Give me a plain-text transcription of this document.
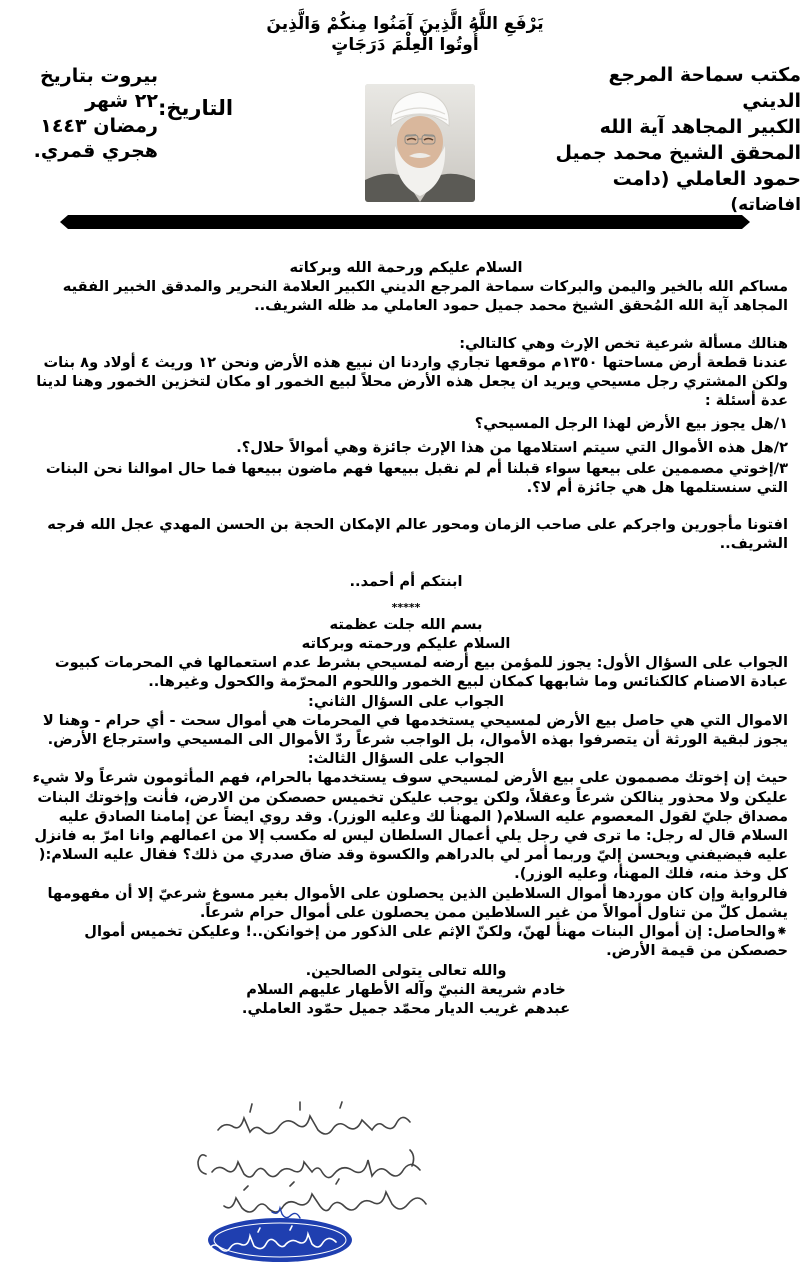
يَرْفَعِ اللَّهُ الَّذِينَ آمَنُوا مِنكُمْ وَالَّذِينَ
أُوتُوا الْعِلْمَ دَرَجَاتٍ
مكتب سماحة المرجع الديني
الكبير المجاهد آية الله
المحقق الشيخ محمد جميل
حمود العاملي (دامت
افاضاته)
التاريخ:
بيروت بتاريخ
٢٢ شهر
رمضان ١٤٤٣
هجري قمري.

السلام عليكم ورحمة الله وبركاته

مساكم الله بالخير واليمن والبركات سماحة المرجع الديني الكبير العلامة النحرير والمدقق الخبير الفقيه المجاهد آية الله المُحقق الشيخ محمد جميل حمود العاملي مد ظله الشريف..

هنالك مسألة شرعية تخص الإرث وهي كالتالي:

عندنا قطعة أرض مساحتها ١٣٥٠م موقعها تجاري واردنا ان نبيع هذه الأرض ونحن ١٢ وريث ٤ أولاد و٨ بنات ولكن المشتري رجل مسيحي ويريد ان يجعل هذه الأرض محلاً لبيع الخمور او مكان لتخزين الخمور وهنا لدينا عدة أسئلة :

١/هل يجوز بيع الأرض لهذا الرجل المسيحي؟

٢/هل هذه الأموال التي سيتم استلامها من هذا الإرث جائزة وهي أموالاً حلال؟.

٣/إخوتي مصممين على بيعها سواء قبلنا أم لم نقبل ببيعها فهم ماضون ببيعها فما حال اموالنا نحن البنات التي سنستلمها هل هي جائزة أم لا؟.

افتونا مأجورين واجركم على صاحب الزمان ومحور عالم الإمكان الحجة بن الحسن المهدي عجل الله فرجه الشريف..

ابنتكم أم أحمد..

*****

بسم الله جلت عظمته

السلام عليكم ورحمته وبركاته

الجواب على السؤال الأول: يجوز للمؤمن بيع أرضه لمسيحي بشرط عدم استعمالها في المحرمات كبيوت عبادة الاصنام كالكنائس وما شابهها كمكان لبيع الخمور واللحوم المحرّمة والكحول وغيرها..

الجواب على السؤال الثاني:

الاموال التي هي حاصل بيع الأرض لمسيحي يستخدمها في المحرمات هي أموال سحت - أي حرام - وهنا لا يجوز لبقية الورثة أن يتصرفوا بهذه الأموال، بل الواجب شرعاً ردّ الأموال الى المسيحي واسترجاع الأرض.

الجواب على السؤال الثالث:

حيث إن إخوتك مصممون على بيع الأرض لمسيحي سوف يستخدمها بالحرام، فهم المأثومون شرعاً ولا شيء عليكن ولا محذور ينالكن شرعاً وعقلاً، ولكن يوجب عليكن تخميس حصصكن من الارض، فأنت وإخوتك البنات مصداق جليّ لقول المعصوم عليه السلام( المهنأ لك وعليه الوزر). وقد روي ايضاً عن إمامنا الصادق عليه السلام قال له رجل: ما ترى في رجل يلي أعمال السلطان ليس له مكسب إلا من اعمالهم وانا امرّ به فانزل عليه فيضيفني ويحسن إليّ وربما أمر لي بالدراهم والكسوة وقد ضاق صدري من ذلك؟ فقال عليه السلام:( كل وخذ منه، فلك المهنأ، وعليه الوزر).

فالرواية وإن كان موردها أموال السلاطين الذين يحصلون على الأموال بغير مسوغ شرعيّ إلا أن مفهومها يشمل كلّ من تناول أموالاً من غير السلاطين ممن يحصلون على أموال حرام شرعاً.

⁕والحاصل: إن أموال البنات مهنأ لهنّ، ولكنّ الإثم على الذكور من إخوانكن..! وعليكن تخميس أموال حصصكن من قيمة الأرض.

والله تعالى يتولى الصالحين.

خادم شريعة النبيّ وآله الأطهار عليهم السلام

عبدهم غريب الديار محمّد جميل حمّود العاملي.
